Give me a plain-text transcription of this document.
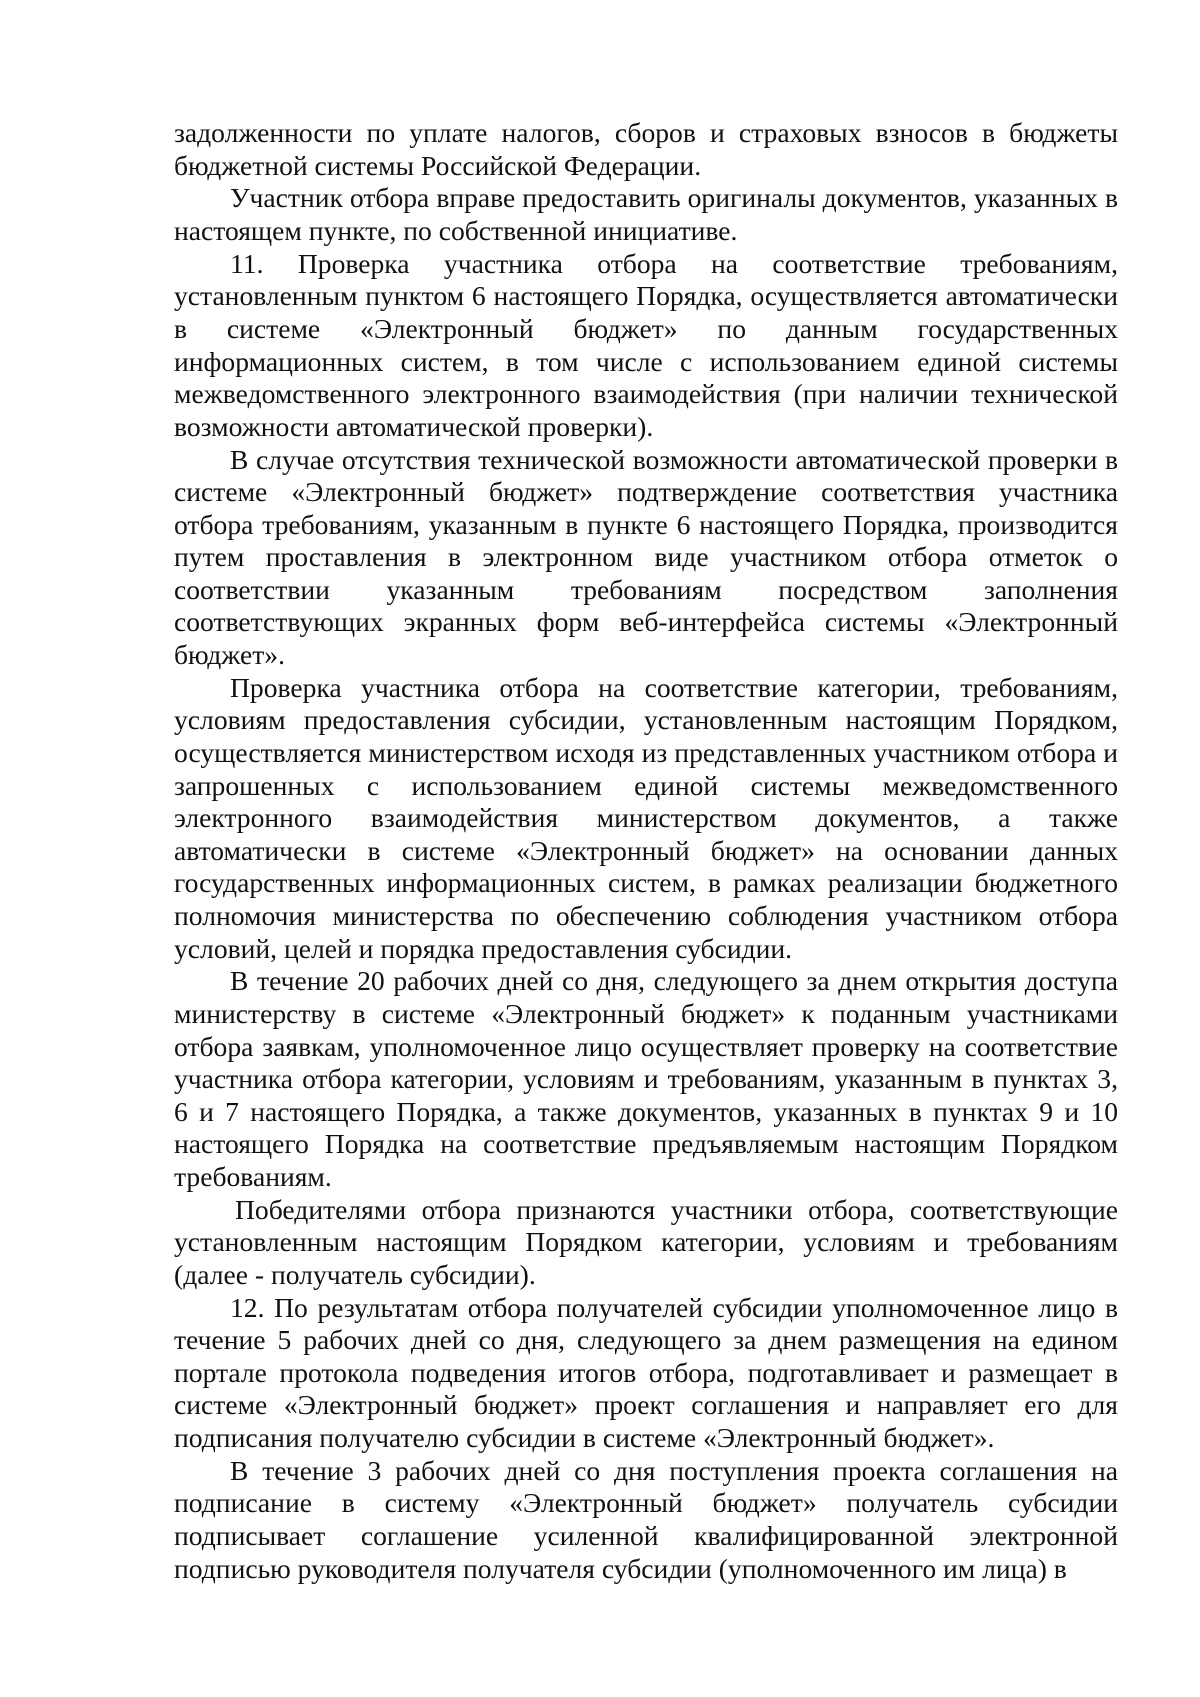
задолженности по уплате налогов, сборов и страховых взносов в бюджеты бюджетной системы Российской Федерации.

Участник отбора вправе предоставить оригиналы документов, указанных в настоящем пункте, по собственной инициативе.

11. Проверка участника отбора на соответствие требованиям, установленным пунктом 6 настоящего Порядка, осуществляется автоматически в системе «Электронный бюджет» по данным государственных информационных систем, в том числе с использованием единой системы межведомственного электронного взаимодействия (при наличии технической возможности автоматической проверки).

В случае отсутствия технической возможности автоматической проверки в системе «Электронный бюджет» подтверждение соответствия участника отбора требованиям, указанным в пункте 6 настоящего Порядка, производится путем проставления в электронном виде участником отбора отметок о соответствии указанным требованиям посредством заполнения соответствующих экранных форм веб-интерфейса системы «Электронный бюджет».

Проверка участника отбора на соответствие категории, требованиям, условиям предоставления субсидии, установленным настоящим Порядком, осуществляется министерством исходя из представленных участником отбора и запрошенных с использованием единой системы межведомственного электронного взаимодействия министерством документов, а также автоматически в системе «Электронный бюджет» на основании данных государственных информационных систем, в рамках реализации бюджетного полномочия министерства по обеспечению соблюдения участником отбора условий, целей и порядка предоставления субсидии.

В течение 20 рабочих дней со дня, следующего за днем открытия доступа министерству в системе «Электронный бюджет» к поданным участниками отбора заявкам, уполномоченное лицо осуществляет проверку на соответствие участника отбора категории, условиям и требованиям, указанным в пунктах 3, 6 и 7 настоящего Порядка, а также документов, указанных в пунктах 9 и 10 настоящего Порядка на соответствие предъявляемым настоящим Порядком требованиям.

Победителями отбора признаются участники отбора, соответствующие установленным настоящим Порядком категории, условиям и требованиям (далее - получатель субсидии).

12. По результатам отбора получателей субсидии уполномоченное лицо в течение 5 рабочих дней со дня, следующего за днем размещения на едином портале протокола подведения итогов отбора, подготавливает и размещает в системе «Электронный бюджет» проект соглашения и направляет его для подписания получателю субсидии в системе «Электронный бюджет».

В течение 3 рабочих дней со дня поступления проекта соглашения на подписание в систему «Электронный бюджет» получатель субсидии подписывает соглашение усиленной квалифицированной электронной подписью руководителя получателя субсидии (уполномоченного им лица) в
